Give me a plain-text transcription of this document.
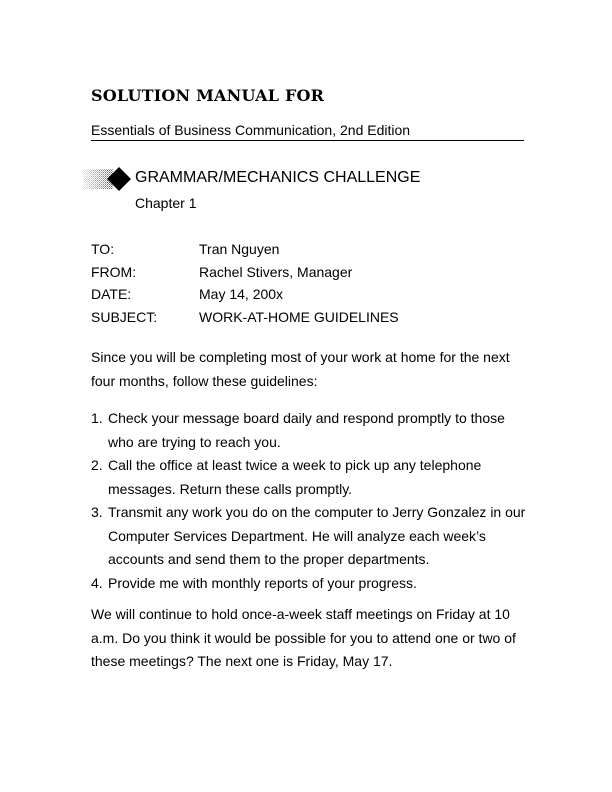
SOLUTION MANUAL FOR
Essentials of Business Communication, 2nd Edition
GRAMMAR/MECHANICS CHALLENGE
Chapter 1
TO:	Tran Nguyen
FROM:	Rachel Stivers, Manager
DATE:	May 14, 200x
SUBJECT:	WORK-AT-HOME GUIDELINES

Since you will be completing most of your work at home for the next four months, follow these guidelines:

1. Check your message board daily and respond promptly to those who are trying to reach you.
2. Call the office at least twice a week to pick up any telephone messages. Return these calls promptly.
3. Transmit any work you do on the computer to Jerry Gonzalez in our Computer Services Department. He will analyze each week’s accounts and send them to the proper departments.
4. Provide me with monthly reports of your progress.

We will continue to hold once-a-week staff meetings on Friday at 10 a.m. Do you think it would be possible for you to attend one or two of these meetings? The next one is Friday, May 17.
